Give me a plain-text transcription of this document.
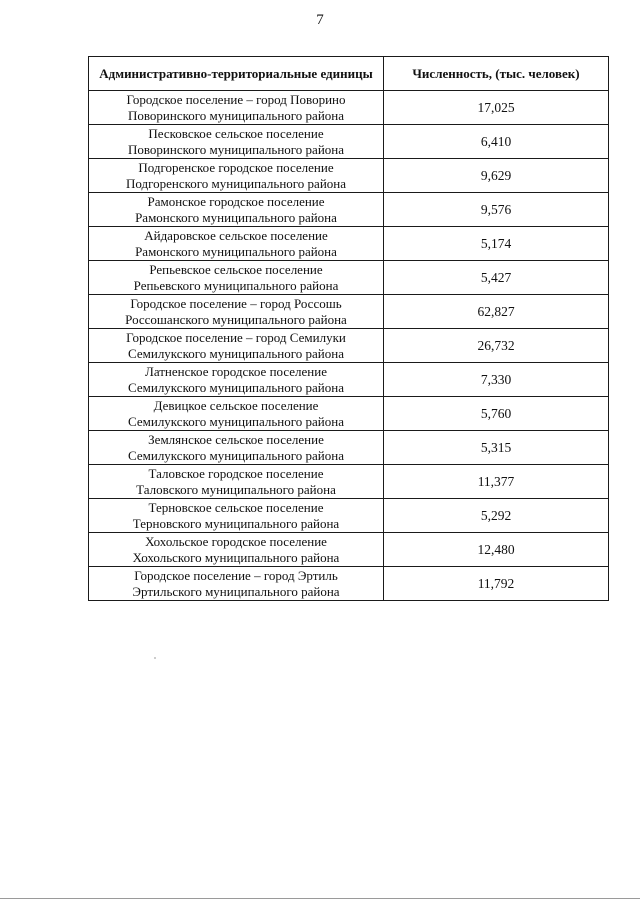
7
Административно-территориальные единицы	Численность, (тыс. человек)

Городское поселение – город Поворино
Поворинского муниципального района	17,025

Песковское сельское поселение
Поворинского муниципального района	6,410

Подгоренское городское поселение
Подгоренского муниципального района	9,629

Рамонское городское поселение
Рамонского муниципального района	9,576

Айдаровское сельское поселение
Рамонского муниципального района	5,174

Репьевское сельское поселение
Репьевского муниципального района	5,427

Городское поселение – город Россошь
Россошанского муниципального района	62,827

Городское поселение – город Семилуки
Семилукского муниципального района	26,732

Латненское городское поселение
Семилукского муниципального района	7,330

Девицкое сельское поселение
Семилукского муниципального района	5,760

Землянское сельское поселение
Семилукского муниципального района	5,315

Таловское городское поселение
Таловского муниципального района	11,377

Терновское сельское поселение
Терновского муниципального района	5,292

Хохольское городское поселение
Хохольского муниципального района	12,480

Городское поселение – город Эртиль
Эртильского муниципального района	11,792
